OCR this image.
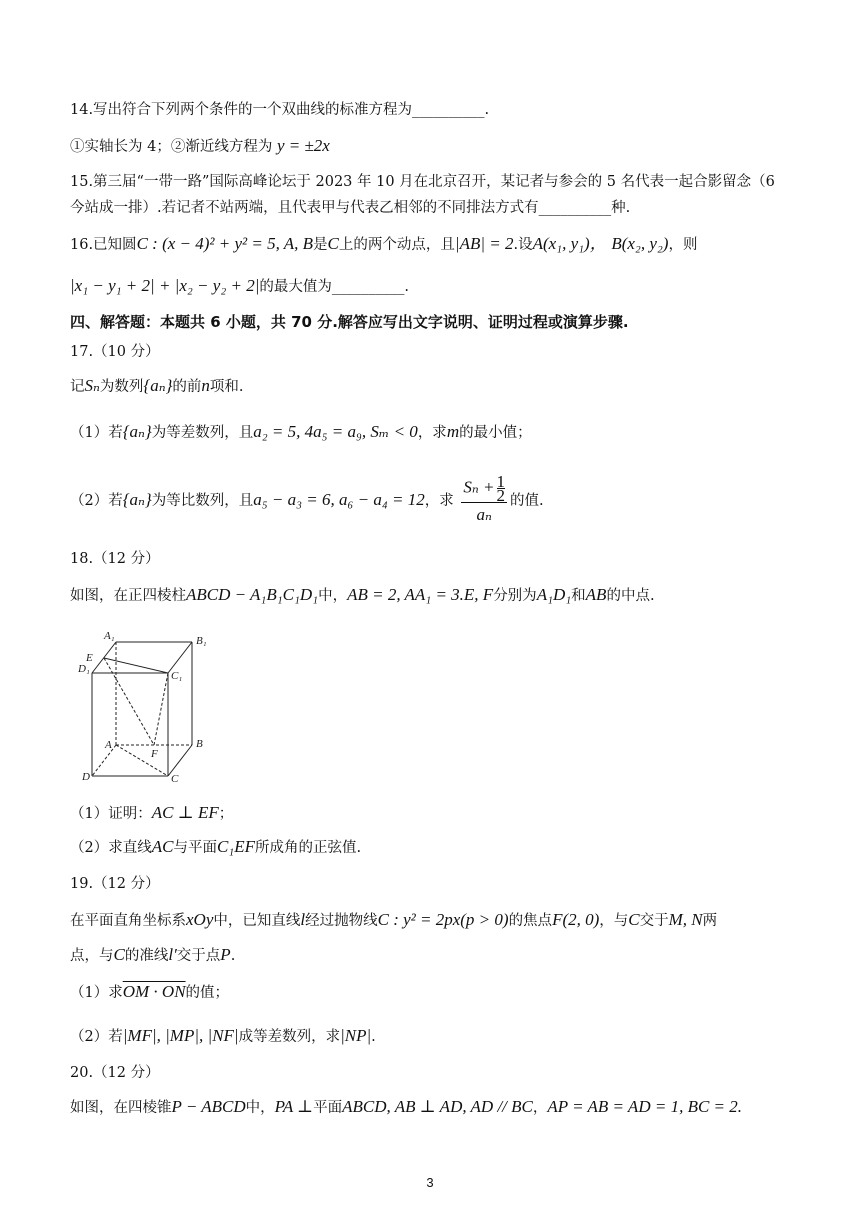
14.写出符合下列两个条件的一个双曲线的标准方程为__________.
①实轴长为 4；②渐近线方程为 y = ±2x
15.第三届“一带一路”国际高峰论坛于 2023 年 10 月在北京召开，某记者与参会的 5 名代表一起合影留念（6
今站成一排）.若记者不站两端，且代表甲与代表乙相邻的不同排法方式有__________种.
16.已知圆C : (x − 4)² + y² = 5, A, B是C上的两个动点，且|AB| = 2.设A(x₁, y₁)， B(x₂, y₂)，则
|x₁ − y₁ + 2| + |x₂ − y₂ + 2|的最大值为__________.
四、解答题：本题共 6 小题，共 70 分.解答应写出文字说明、证明过程或演算步骤.
17.（10 分）
记Sₙ为数列{aₙ}的前n项和.
（1）若{aₙ}为等差数列，且a₂ = 5, 4a₅ = a₉, Sₘ < 0，求m的最小值；
（2）若{aₙ}为等比数列，且a₅ − a₃ = 6, a₆ − a₄ = 12，求 $\frac{S_n + \frac{1}{2}}{\text{aₙ}}$ 的值.
18.（12 分）
如图，在正四棱柱ABCD − A₁B₁C₁D₁中，AB = 2, AA₁ = 3.E, F分别为A₁D₁和AB的中点.
A₁	B₁
D₁
E
C₁
A
F
B
D	C
（1）证明：AC ⊥ EF；
（2）求直线AC与平面C₁EF所成角的正弦值.
19.（12 分）
在平面直角坐标系xOy中，已知直线l经过抛物线C : y² = 2px(p > 0)的焦点F(2, 0)，与C交于M, N两
点，与C的准线l′交于点P.
（1）求OM · ON的值；
（2）若|MF|, |MP|, |NF|成等差数列，求|NP|.
20.（12 分）
如图，在四棱锥P − ABCD中，PA ⊥平面ABCD, AB ⊥ AD, AD // BC，AP = AB = AD = 1, BC = 2.
3
